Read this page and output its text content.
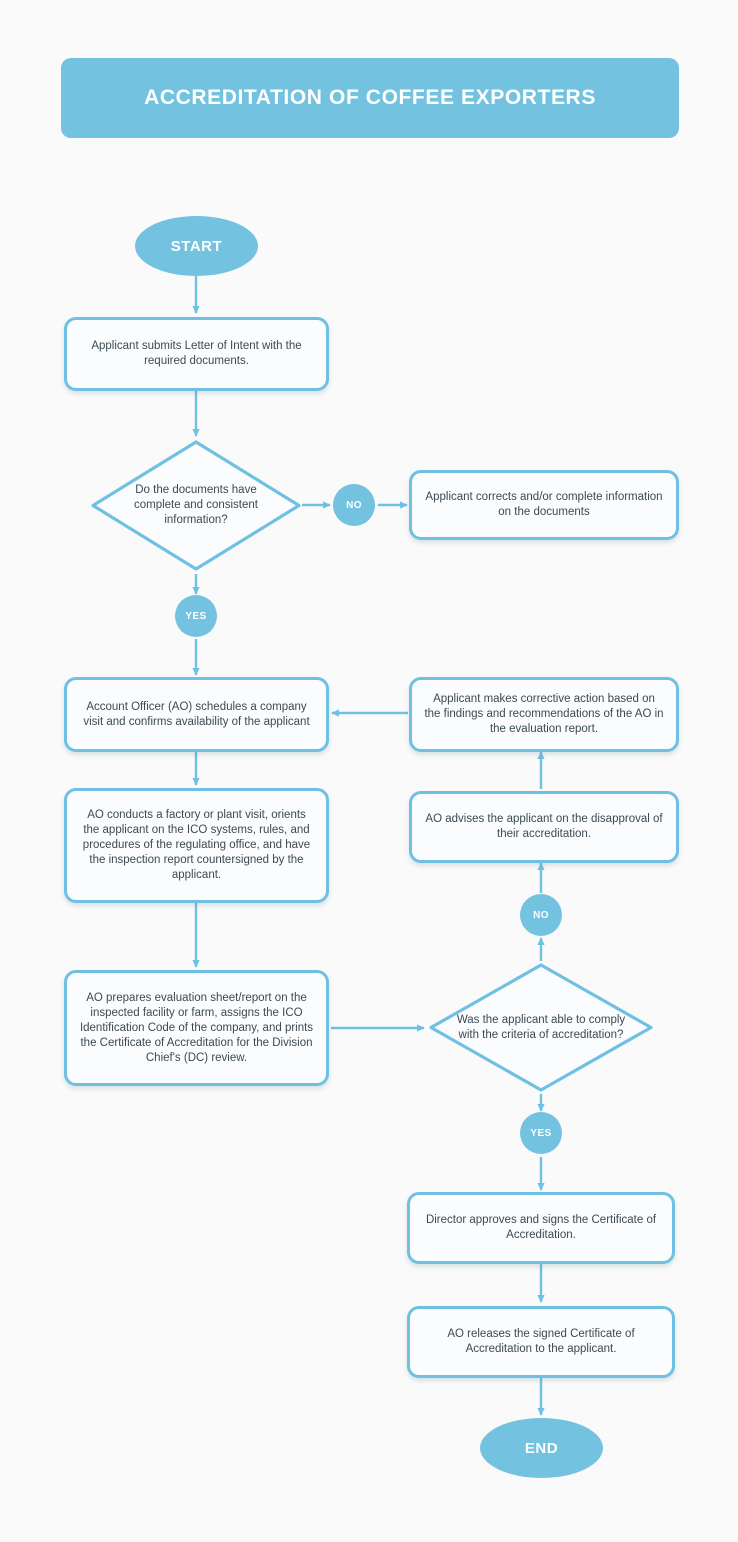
ACCREDITATION OF COFFEE EXPORTERS
START
Applicant submits Letter of Intent with the required documents.
Do the documents have complete and consistent information?
NO
Applicant corrects and/or complete information on the documents
YES
Account Officer (AO) schedules a company visit and confirms availability of the applicant
Applicant makes corrective action based on the findings and recommendations of the AO in the evaluation report.
AO conducts a factory or plant visit, orients the applicant on the ICO systems, rules, and procedures of the regulating office, and have the inspection report countersigned by the applicant.
AO advises the applicant on the disapproval of their accreditation.
NO
AO prepares evaluation sheet/report on the inspected facility or farm, assigns the ICO Identification Code of the company, and prints the Certificate of Accreditation for the Division Chief's (DC) review.
Was the applicant able to comply with the criteria of accreditation?
YES
Director approves and signs the Certificate of Accreditation.
AO releases the signed Certificate of Accreditation to the applicant.
END
